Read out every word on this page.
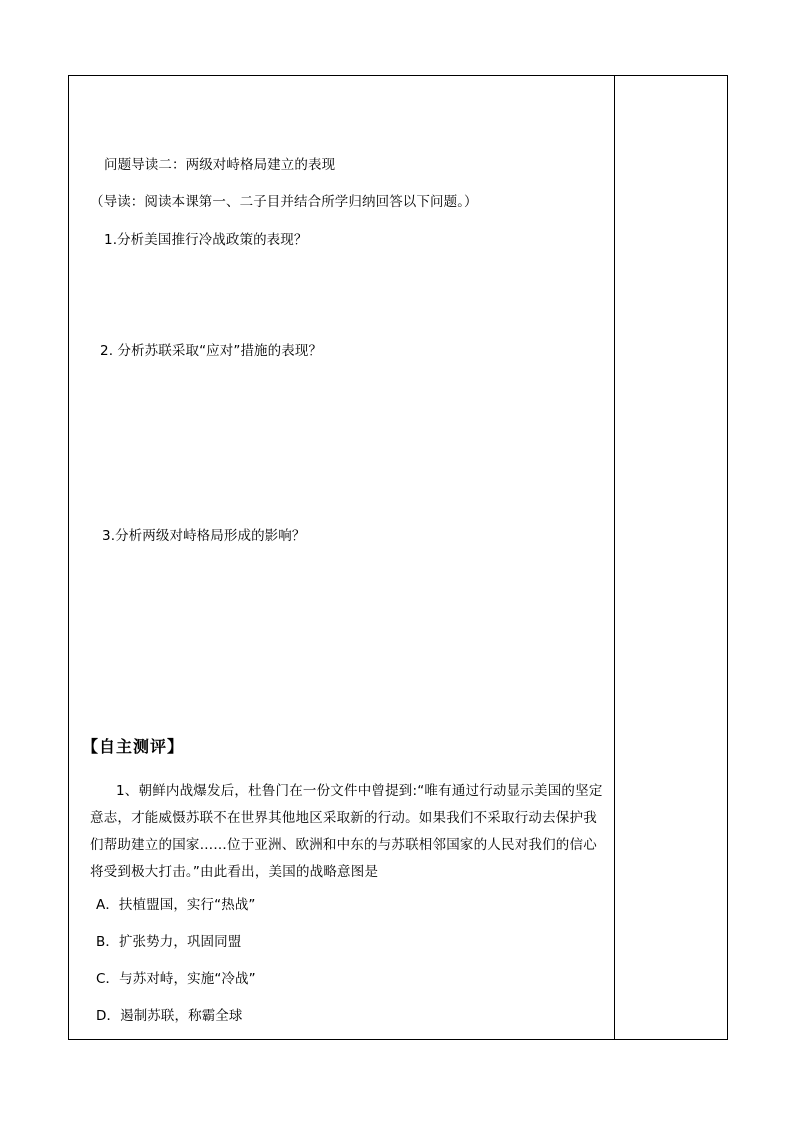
问题导读二：两级对峙格局建立的表现
（导读：阅读本课第一、二子目并结合所学归纳回答以下问题。）
1.分析美国推行冷战政策的表现？
2. 分析苏联采取“应对”措施的表现？
3.分析两级对峙格局形成的影响？
【自主测评】
1、朝鲜内战爆发后，杜鲁门在一份文件中曾提到:“唯有通过行动显示美国的坚定意志，才能威慑苏联不在世界其他地区采取新的行动。如果我们不采取行动去保护我们帮助建立的国家……位于亚洲、欧洲和中东的与苏联相邻国家的人民对我们的信心将受到极大打击。”由此看出，美国的战略意图是
A．扶植盟国，实行“热战”
B．扩张势力，巩固同盟
C．与苏对峙，实施“冷战”
D．遏制苏联，称霸全球
